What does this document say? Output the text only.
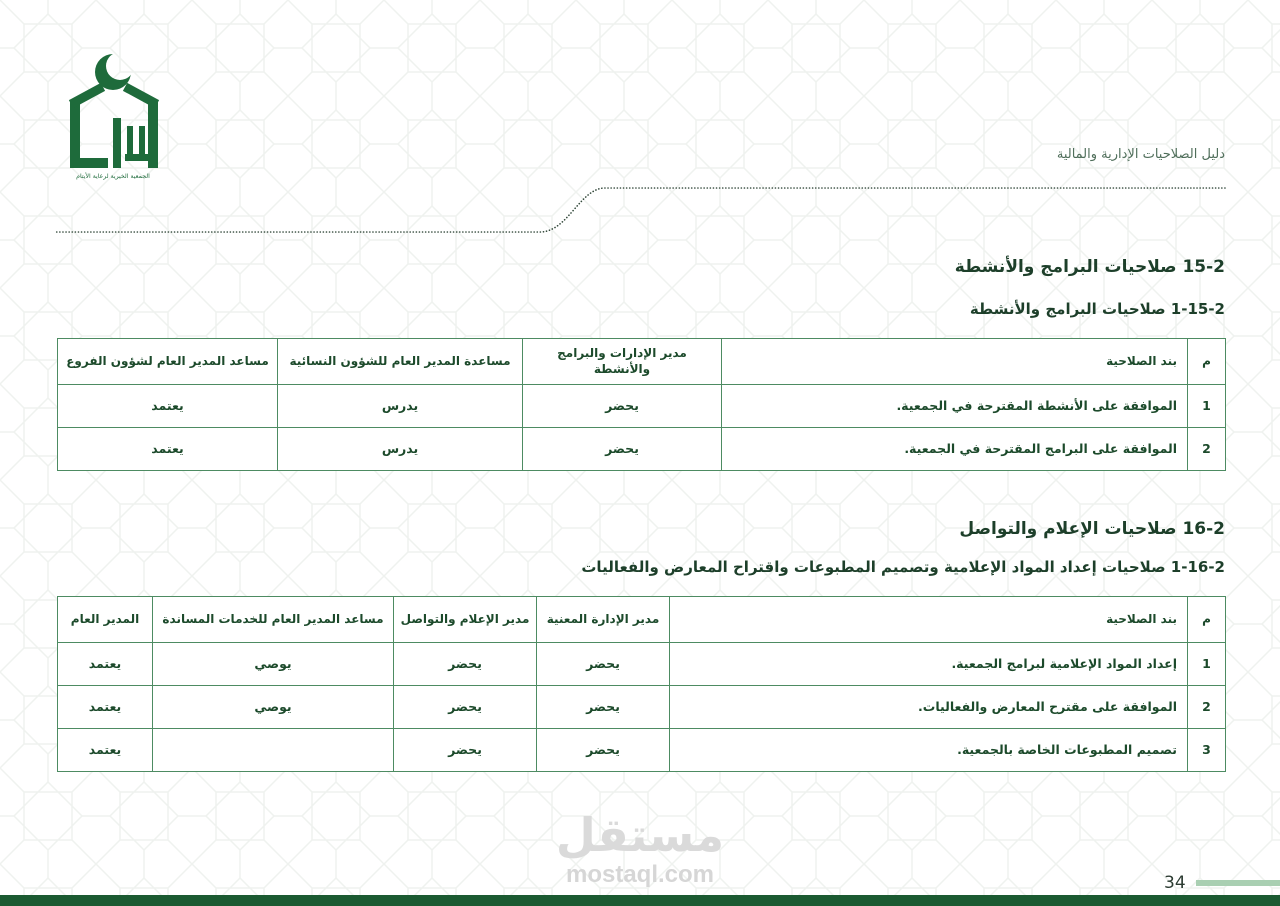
الجمعية الخيرية لرعاية الأيتام
دليل الصلاحيات الإدارية والمالية
15-2 صلاحيات البرامج والأنشطة
1-15-2 صلاحيات البرامج والأنشطة
م	بند الصلاحية	مدير الإدارات والبرامج والأنشطة	مساعدة المدير العام للشؤون النسائية	مساعد المدير العام لشؤون الفروع
1	الموافقة على الأنشطة المقترحة في الجمعية.	يحضر	يدرس	يعتمد
2	الموافقة على البرامج المقترحة في الجمعية.	يحضر	يدرس	يعتمد
16-2 صلاحيات الإعلام والتواصل
1-16-2 صلاحيات إعداد المواد الإعلامية وتصميم المطبوعات واقتراح المعارض والفعاليات
م	بند الصلاحية	مدير الإدارة المعنية	مدير الإعلام والتواصل	مساعد المدير العام للخدمات المساندة	المدير العام
1	إعداد المواد الإعلامية لبرامج الجمعية.	يحضر	يحضر	يوصي	يعتمد
2	الموافقة على مقترح المعارض والفعاليات.	يحضر	يحضر	يوصي	يعتمد
3	تصميم المطبوعات الخاصة بالجمعية.	يحضر	يحضر		يعتمد
مستقل
mostaql.com	34
